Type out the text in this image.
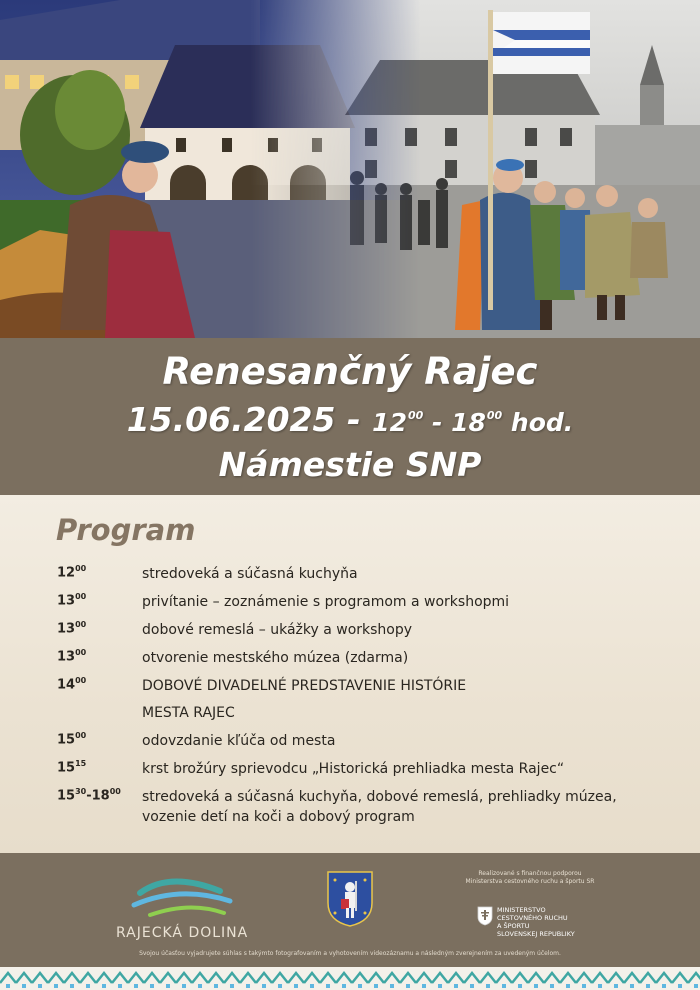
Renesančný Rajec
$15.06.2025 - 12^{00} - 18^{00}$ hod.
Námestie SNP
Program
$12^{00}$	stredoveká a súčasná kuchyňa
$13^{00}$	privítanie – zoznámenie s programom a workshopmi
$13^{00}$	dobové remeslá – ukážky a workshopy
$13^{00}$	otvorenie mestského múzea (zdarma)
$14^{00}$	DOBOVÉ DIVADELNÉ PREDSTAVENIE HISTÓRIE
MESTA RAJEC
$15^{00}$	odovzdanie kľúča od mesta
$15^{15}$	krst brožúry sprievodcu „Historická prehliadka mesta Rajec“
$15^{30}-18^{00}$	stredoveká a súčasná kuchyňa, dobové remeslá, prehliadky múzea, vozenie detí na koči a dobový program
RAJECKÁ DOLINA
Realizované s finančnou podporou Ministerstva cestovného ruchu a športu SR
MINISTERSTVO
CESTOVNÉHO RUCHU
A ŠPORTU
SLOVENSKEJ REPUBLIKY
Svojou účasťou vyjadrujete súhlas s takýmto fotografovaním a vyhotovením videozáznamu a následným zverejnením za uvedeným účelom.
